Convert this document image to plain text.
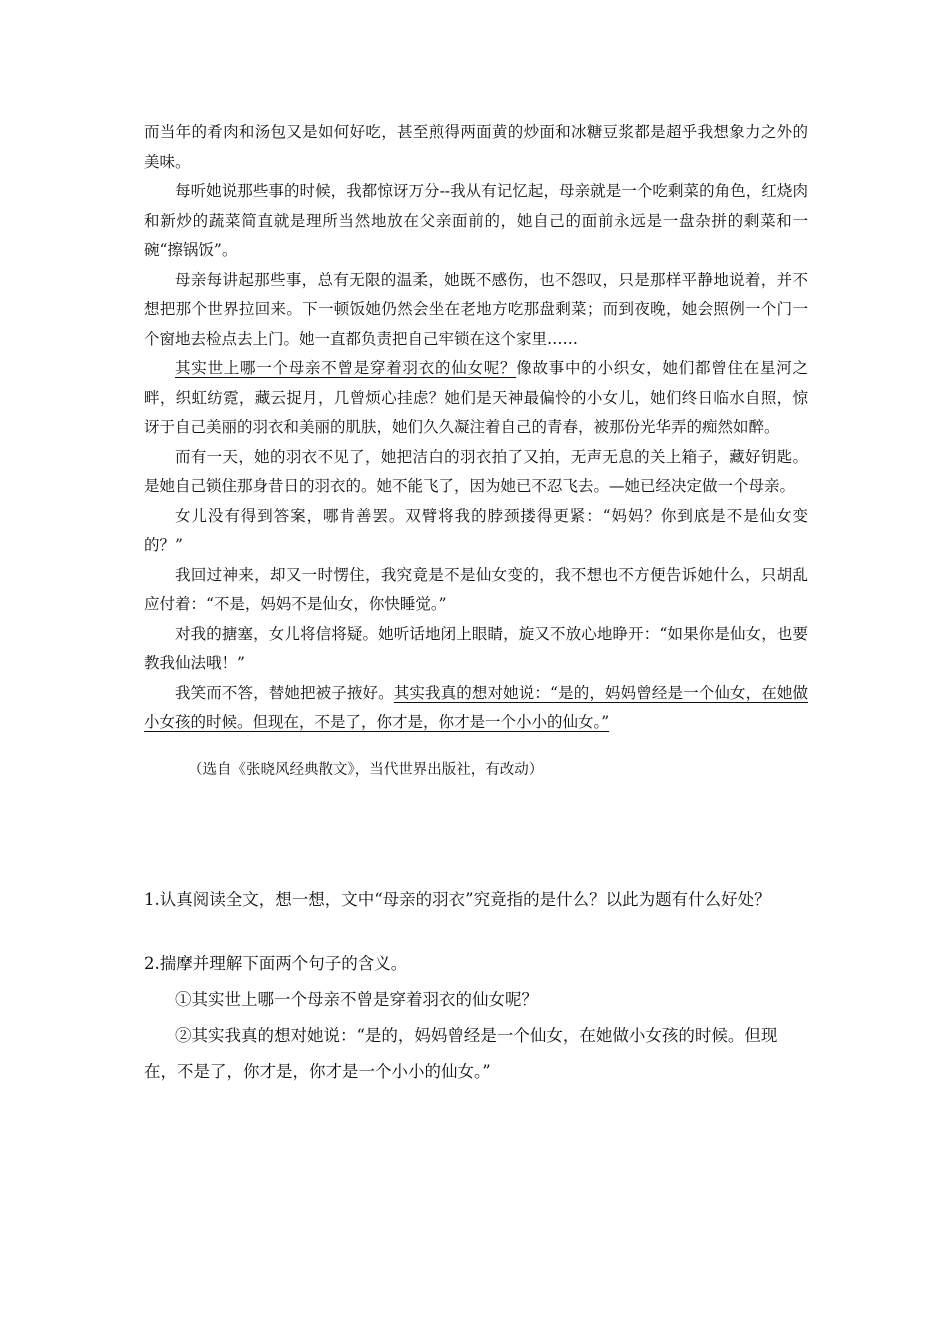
而当年的肴肉和汤包又是如何好吃，甚至煎得两面黄的炒面和冰糖豆浆都是超乎我想象力之外的美味。

每听她说那些事的时候，我都惊讶万分--我从有记忆起，母亲就是一个吃剩菜的角色，红烧肉和新炒的蔬菜简直就是理所当然地放在父亲面前的，她自己的面前永远是一盘杂拼的剩菜和一碗“擦锅饭”。

母亲每讲起那些事，总有无限的温柔，她既不感伤，也不怨叹，只是那样平静地说着，并不想把那个世界拉回来。下一顿饭她仍然会坐在老地方吃那盘剩菜；而到夜晚，她会照例一个门一个窗地去检点去上门。她一直都负责把自己牢锁在这个家里……

其实世上哪一个母亲不曾是穿着羽衣的仙女呢？像故事中的小织女，她们都曾住在星河之畔，织虹纺霓，藏云捉月，几曾烦心挂虑？她们是天神最偏怜的小女儿，她们终日临水自照，惊讶于自己美丽的羽衣和美丽的肌肤，她们久久凝注着自己的青春，被那份光华弄的痴然如醉。

而有一天，她的羽衣不见了，她把洁白的羽衣拍了又拍，无声无息的关上箱子，藏好钥匙。是她自己锁住那身昔日的羽衣的。她不能飞了，因为她已不忍飞去。—她已经决定做一个母亲。

女儿没有得到答案，哪肯善罢。双臂将我的脖颈搂得更紧：“妈妈？你到底是不是仙女变的？”

我回过神来，却又一时愣住，我究竟是不是仙女变的，我不想也不方便告诉她什么，只胡乱应付着：“不是，妈妈不是仙女，你快睡觉。”

对我的搪塞，女儿将信将疑。她听话地闭上眼睛，旋又不放心地睁开：“如果你是仙女，也要教我仙法哦！”

我笑而不答，替她把被子掖好。其实我真的想对她说：“是的，妈妈曾经是一个仙女，在她做小女孩的时候。但现在，不是了，你才是，你才是一个小小的仙女。”

（选自《张晓风经典散文》，当代世界出版社，有改动）

1.认真阅读全文，想一想，文中“母亲的羽衣”究竟指的是什么？以此为题有什么好处？

2.揣摩并理解下面两个句子的含义。

①其实世上哪一个母亲不曾是穿着羽衣的仙女呢？

②其实我真的想对她说：“是的，妈妈曾经是一个仙女，在她做小女孩的时候。但现在，不是了，你才是，你才是一个小小的仙女。”
